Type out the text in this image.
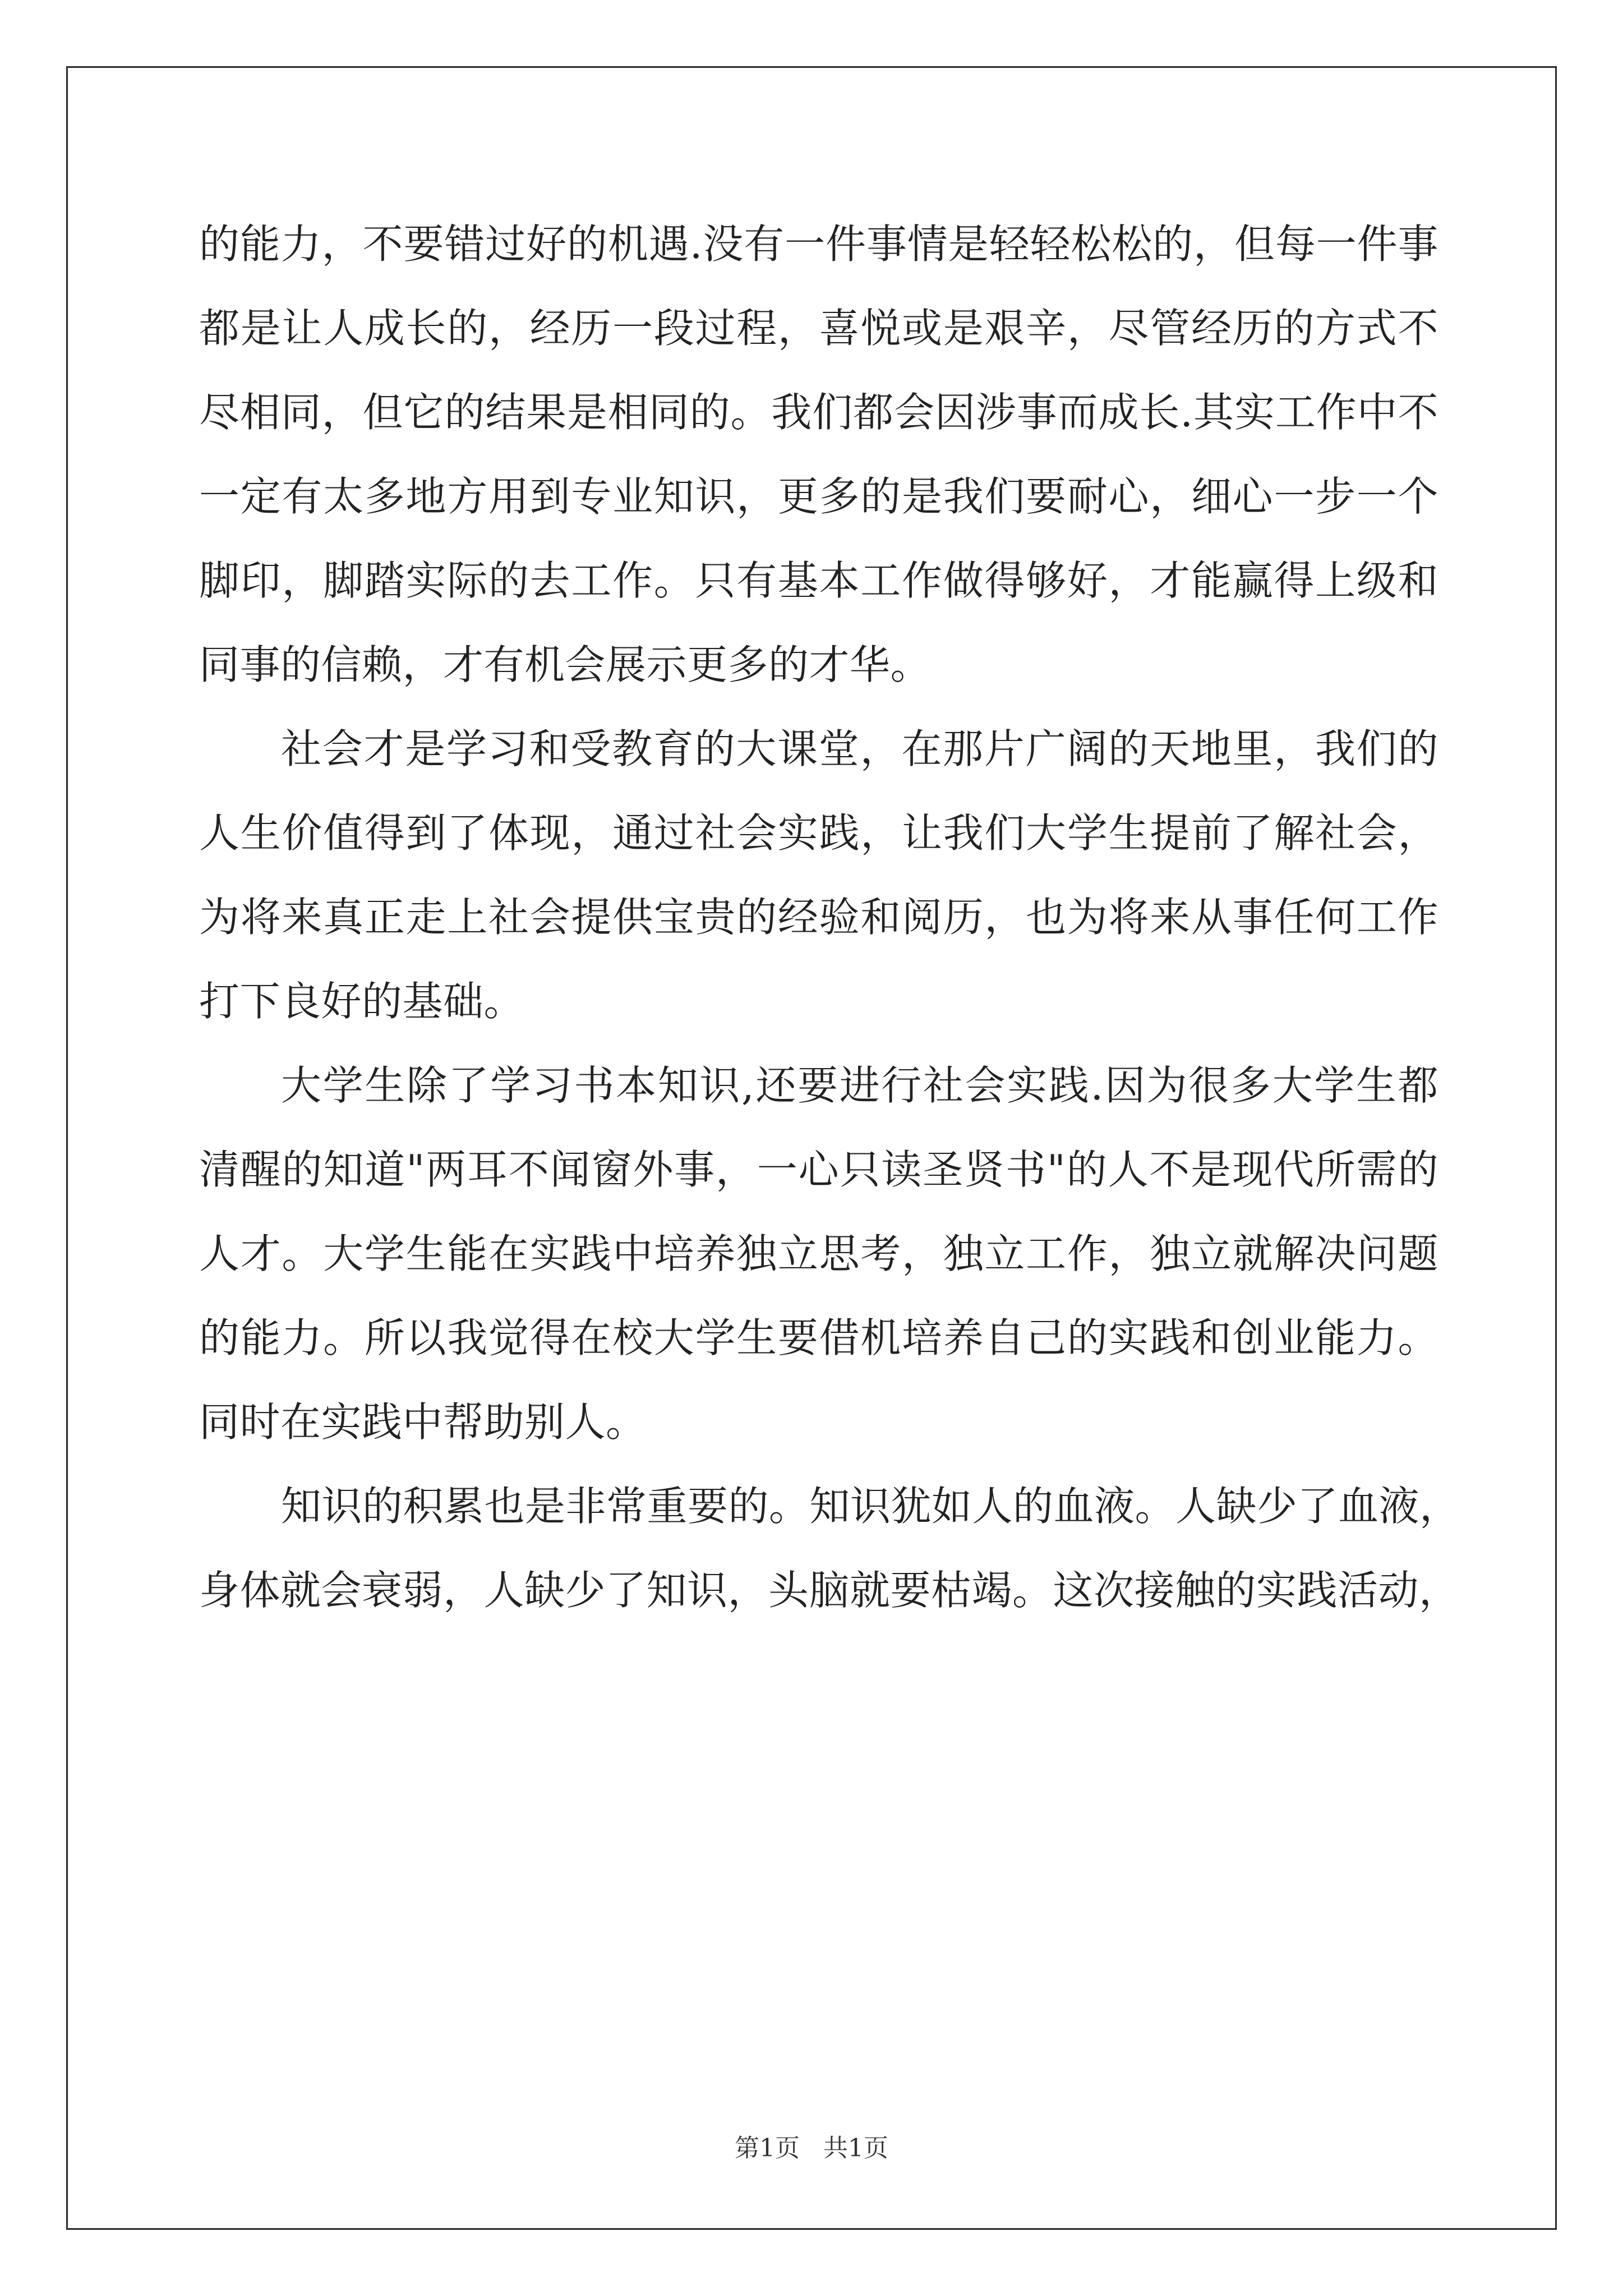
的能力，不要错过好的机遇.没有一件事情是轻轻松松的，但每一件事
都是让人成长的，经历一段过程，喜悦或是艰辛，尽管经历的方式不
尽相同，但它的结果是相同的。我们都会因涉事而成长.其实工作中不
一定有太多地方用到专业知识，更多的是我们要耐心，细心一步一个
脚印，脚踏实际的去工作。只有基本工作做得够好，才能赢得上级和
同事的信赖，才有机会展示更多的才华。
社会才是学习和受教育的大课堂，在那片广阔的天地里，我们的
人生价值得到了体现，通过社会实践，让我们大学生提前了解社会，
为将来真正走上社会提供宝贵的经验和阅历，也为将来从事任何工作
打下良好的基础。
大学生除了学习书本知识,还要进行社会实践.因为很多大学生都
清醒的知道"两耳不闻窗外事，一心只读圣贤书"的人不是现代所需的
人才。大学生能在实践中培养独立思考，独立工作，独立就解决问题
的能力。所以我觉得在校大学生要借机培养自己的实践和创业能力。
同时在实践中帮助别人。
知识的积累也是非常重要的。知识犹如人的血液。人缺少了血液，
身体就会衰弱，人缺少了知识，头脑就要枯竭。这次接触的实践活动，
第1页   共1页
